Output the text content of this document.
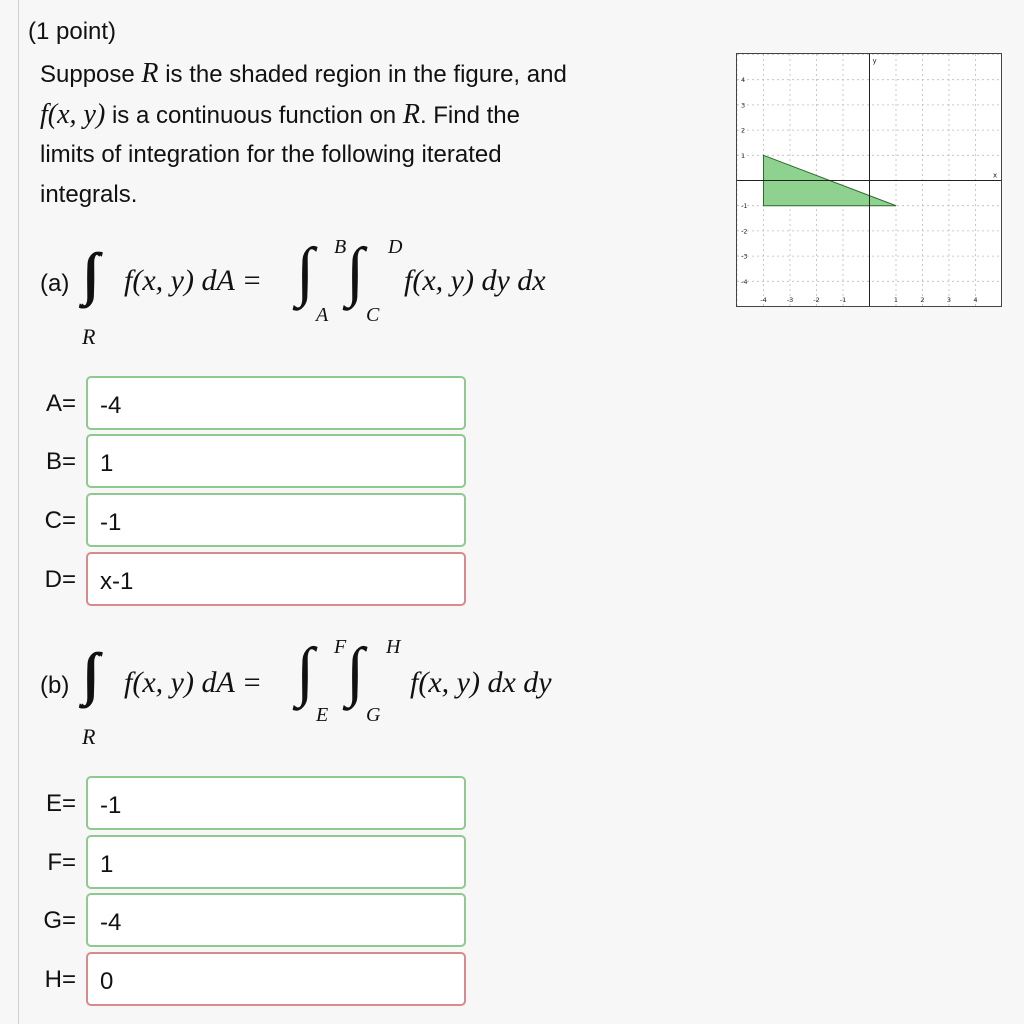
(1 point)
Suppose R is the shaded region in the figure, and
f(x, y) is a continuous function on R. Find the
limits of integration for the following iterated
integrals.
(a)
R
f(x, y) dA = ∫ B
A
∫ D
C
f(x, y) dy dx
A=	-4
B=	1
C=	-1
D=	x-1
(b)
R
f(x, y) dA = ∫ F
E
∫ H
G
f(x, y) dx dy
E=	-1
F=	1
G=	-4
H=	0
x
y
-4	-3	-2	-1	1	2	3	4
4
3
2
1
-1
-2
-3
-4
